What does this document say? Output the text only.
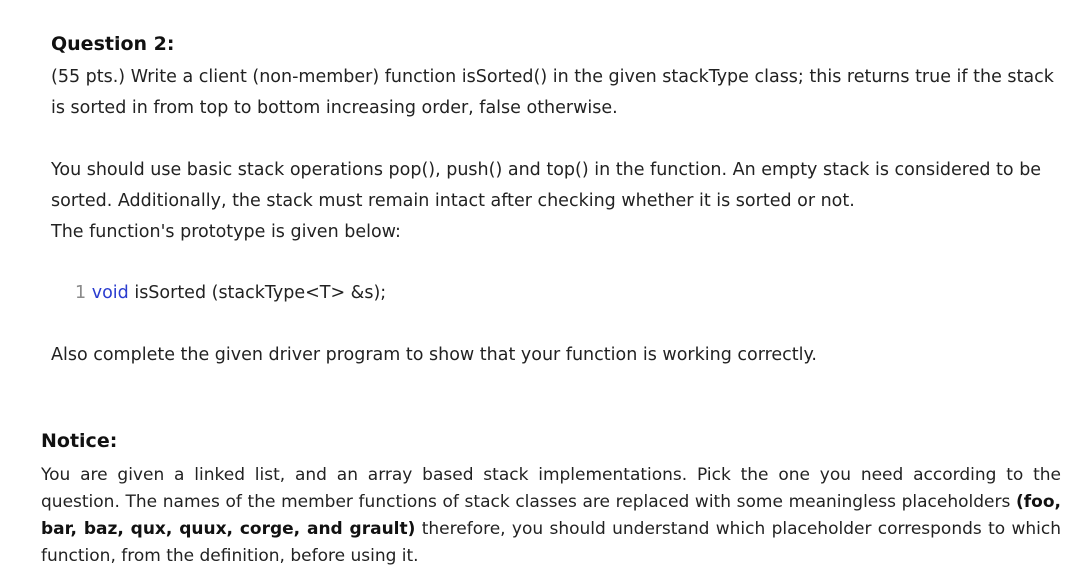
Question 2:

(55 pts.) Write a client (non-member) function isSorted() in the given stackType class; this returns true if the stack is sorted in from top to bottom increasing order, false otherwise.

You should use basic stack operations pop(), push() and top() in the function. An empty stack is considered to be sorted. Additionally, the stack must remain intact after checking whether it is sorted or not.

The function's prototype is given below:

1 void isSorted (stackType<T> &s);

Also complete the given driver program to show that your function is working correctly.

Notice:

You are given a linked list, and an array based stack implementations. Pick the one you need according to the question. The names of the member functions of stack classes are replaced with some meaningless placeholders (foo, bar, baz, qux, quux, corge, and grault) therefore, you should understand which placeholder corresponds to which function, from the definition, before using it.
